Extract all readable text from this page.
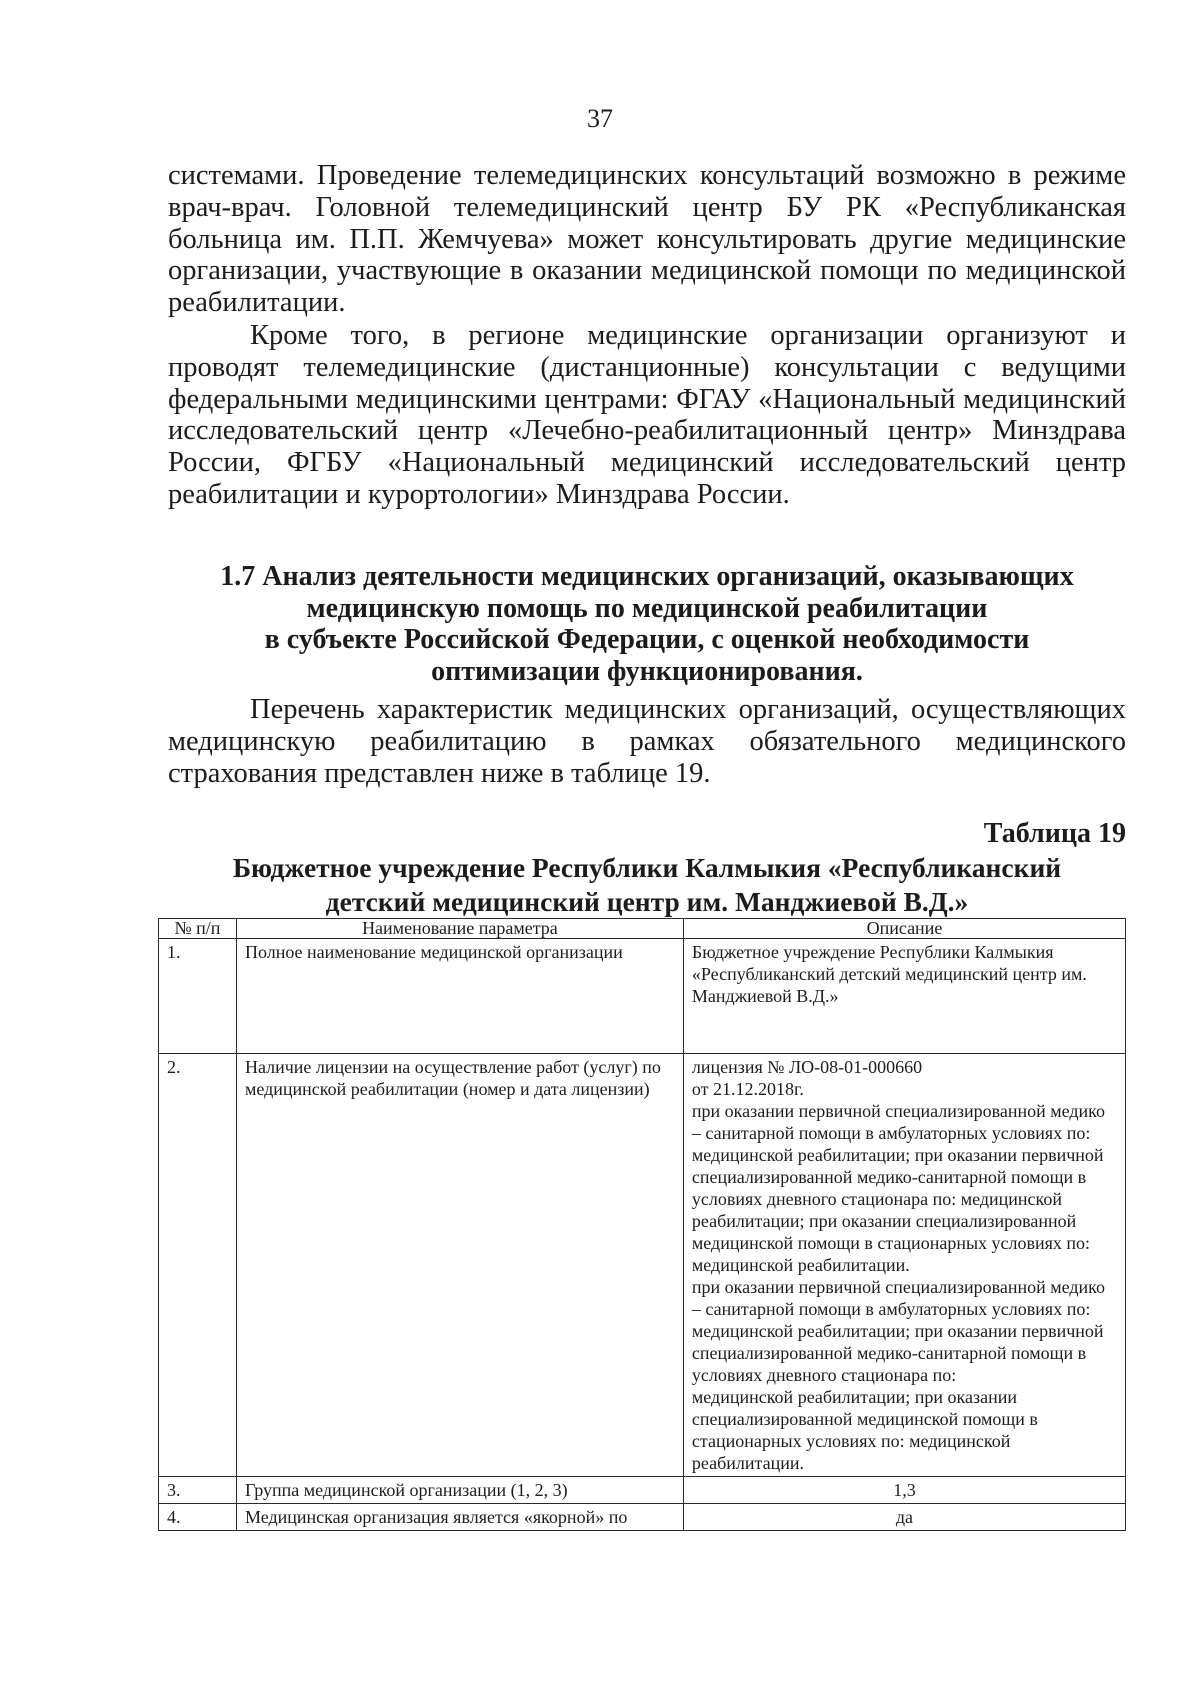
37

системами. Проведение телемедицинских консультаций возможно в режиме врач-врач. Головной телемедицинский центр БУ РК «Республиканская больница им. П.П. Жемчуева» может консультировать другие медицинские организации, участвующие в оказании медицинской помощи по медицинской реабилитации.

Кроме того, в регионе медицинские организации организуют и проводят телемедицинские (дистанционные) консультации с ведущими федеральными медицинскими центрами: ФГАУ «Национальный медицинский исследовательский центр «Лечебно-реабилитационный центр» Минздрава России, ФГБУ «Национальный медицинский исследовательский центр реабилитации и курортологии» Минздрава России.

1.7 Анализ деятельности медицинских организаций, оказывающих
медицинскую помощь по медицинской реабилитации
в субъекте Российской Федерации, с оценкой необходимости
оптимизации функционирования.

Перечень характеристик медицинских организаций, осуществляющих медицинскую реабилитацию в рамках обязательного медицинского страхования представлен ниже в таблице 19.

Таблица 19
Бюджетное учреждение Республики Калмыкия «Республиканский
детский медицинский центр им. Манджиевой В.Д.»
№ п/п	Наименование параметра	Описание
1.	Полное наименование медицинской организации	Бюджетное учреждение Республики Калмыкия «Республиканский детский медицинский центр им. Манджиевой В.Д.»
2.	Наличие лицензии на осуществление работ (услуг) по медицинской реабилитации (номер и дата лицензии)	лицензия № ЛО-08-01-000660
от 21.12.2018г.
при оказании первичной специализированной медико – санитарной помощи в амбулаторных условиях по: медицинской реабилитации; при оказании первичной специализированной медико-санитарной помощи в условиях дневного стационара по: медицинской реабилитации; при оказании специализированной медицинской помощи в стационарных условиях по: медицинской реабилитации.
при оказании первичной специализированной медико – санитарной помощи в амбулаторных условиях по: медицинской реабилитации; при оказании первичной специализированной медико-санитарной помощи в условиях дневного стационара по:
медицинской реабилитации; при оказании специализированной медицинской помощи в стационарных условиях по: медицинской реабилитации.

3.	Группа медицинской организации (1, 2, 3)	1,3
4.	Медицинская организация является «якорной» по	да
